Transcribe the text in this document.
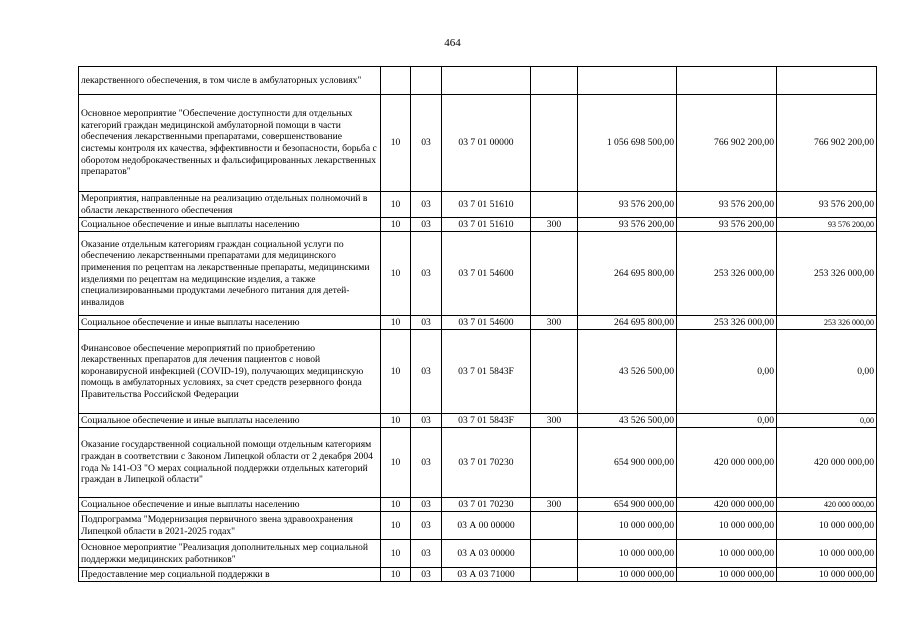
464
лекарственного обеспечения, в том числе в амбулаторных условиях"							
Основное мероприятие "Обеспечение доступности для отдельных категорий граждан медицинской амбулаторной помощи в части обеспечения лекарственными препаратами, совершенствование системы контроля их качества, эффективности и безопасности, борьба с оборотом недоброкачественных и фальсифицированных лекарственных препаратов"	10	03	03 7 01 00000		1 056 698 500,00	766 902 200,00	766 902 200,00
Мероприятия, направленные на реализацию отдельных полномочий в области лекарственного обеспечения	10	03	03 7 01 51610		93 576 200,00	93 576 200,00	93 576 200,00
Социальное обеспечение и иные выплаты населению	10	03	03 7 01 51610	300	93 576 200,00	93 576 200,00	93 576 200,00
Оказание отдельным категориям граждан социальной услуги по обеспечению лекарственными препаратами для медицинского применения по рецептам на лекарственные препараты, медицинскими изделиями по рецептам на медицинские изделия, а также специализированными продуктами лечебного питания для детей-инвалидов	10	03	03 7 01 54600		264 695 800,00	253 326 000,00	253 326 000,00
Социальное обеспечение и иные выплаты населению	10	03	03 7 01 54600	300	264 695 800,00	253 326 000,00	253 326 000,00
Финансовое обеспечение мероприятий по приобретению лекарственных препаратов для лечения пациентов с новой коронавирусной инфекцией (COVID-19), получающих медицинскую помощь в амбулаторных условиях, за счет средств резервного фонда Правительства Российской Федерации	10	03	03 7 01 5843F		43 526 500,00	0,00	0,00
Социальное обеспечение и иные выплаты населению	10	03	03 7 01 5843F	300	43 526 500,00	0,00	0,00
Оказание государственной социальной помощи отдельным категориям граждан в соответствии с Законом Липецкой области от 2 декабря 2004 года № 141-ОЗ "О мерах социальной поддержки отдельных категорий граждан в Липецкой области"	10	03	03 7 01 70230		654 900 000,00	420 000 000,00	420 000 000,00
Социальное обеспечение и иные выплаты населению	10	03	03 7 01 70230	300	654 900 000,00	420 000 000,00	420 000 000,00
Подпрограмма "Модернизация первичного звена здравоохранения Липецкой области в 2021-2025 годах"	10	03	03 А 00 00000		10 000 000,00	10 000 000,00	10 000 000,00
Основное мероприятие "Реализация дополнительных мер социальной поддержки медицинских работников"	10	03	03 А 03 00000		10 000 000,00	10 000 000,00	10 000 000,00
Предоставление мер социальной поддержки в	10	03	03 А 03 71000		10 000 000,00	10 000 000,00	10 000 000,00
